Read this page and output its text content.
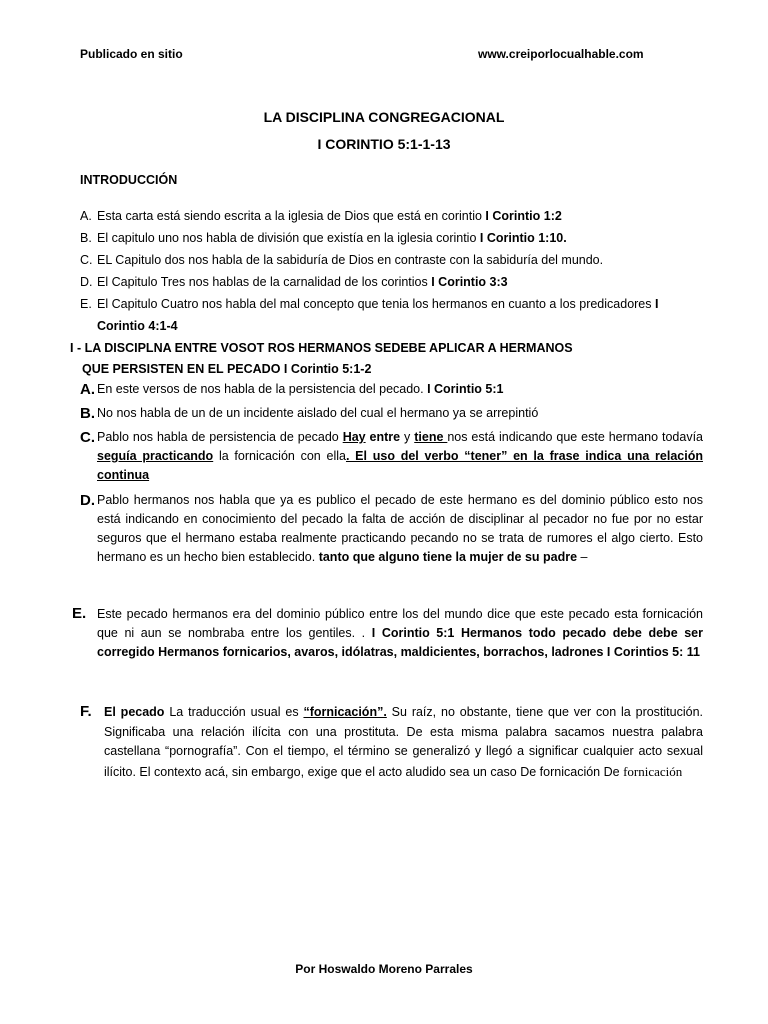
Publicado en sitio	www.creiporlocualhable.com
LA DISCIPLINA CONGREGACIONAL
I CORINTIO 5:1-1-13
INTRODUCCIÓN
A. Esta carta está siendo escrita a la iglesia de Dios que está en corintio I Corintio 1:2
B. El capitulo uno nos habla de división que existía en la iglesia corintio I Corintio 1:10.
C. EL Capitulo dos nos habla de la sabiduría de Dios en contraste con la sabiduría del mundo.
D. El Capitulo Tres nos hablas de la carnalidad de los corintios I Corintio 3:3
E. El Capitulo Cuatro nos habla del mal concepto que tenia los hermanos en cuanto a los predicadores I Corintio 4:1-4
I - LA DISCIPLNA ENTRE VOSOT ROS HERMANOS SEDEBE APLICAR A HERMANOS
QUE PERSISTEN EN EL PECADO I Corintio 5:1-2
A. En este versos de nos habla de la persistencia del pecado. I Corintio 5:1
B. No nos habla de un de un incidente aislado del cual el hermano ya se arrepintió
C. Pablo nos habla de persistencia de pecado Hay entre y tiene nos está indicando que este hermano todavía seguía practicando la fornicación con ella. El uso del verbo “tener” en la frase indica una relación continua
D. Pablo hermanos nos habla que ya es publico el pecado de este hermano es del dominio público esto nos está indicando en conocimiento del pecado la falta de acción de disciplinar al pecador no fue por no estar seguros que el hermano estaba realmente practicando pecando no se trata de rumores el algo cierto. Esto hermano es un hecho bien establecido. tanto que alguno tiene la mujer de su padre –
E. Este pecado hermanos era del dominio público entre los del mundo dice que este pecado esta fornicación que ni aun se nombraba entre los gentiles. . I Corintio 5:1 Hermanos todo pecado debe debe ser corregido Hermanos fornicarios, avaros, idólatras, maldicientes, borrachos, ladrones I Corintios 5: 11
F. El pecado La traducción usual es “fornicación”. Su raíz, no obstante, tiene que ver con la prostitución. Significaba una relación ilícita con una prostituta. De esta misma palabra sacamos nuestra palabra castellana “pornografía”. Con el tiempo, el término se generalizó y llegó a significar cualquier acto sexual ilícito. El contexto acá, sin embargo, exige que el acto aludido sea un caso De fornicación De fornicación
Por Hoswaldo Moreno Parrales
